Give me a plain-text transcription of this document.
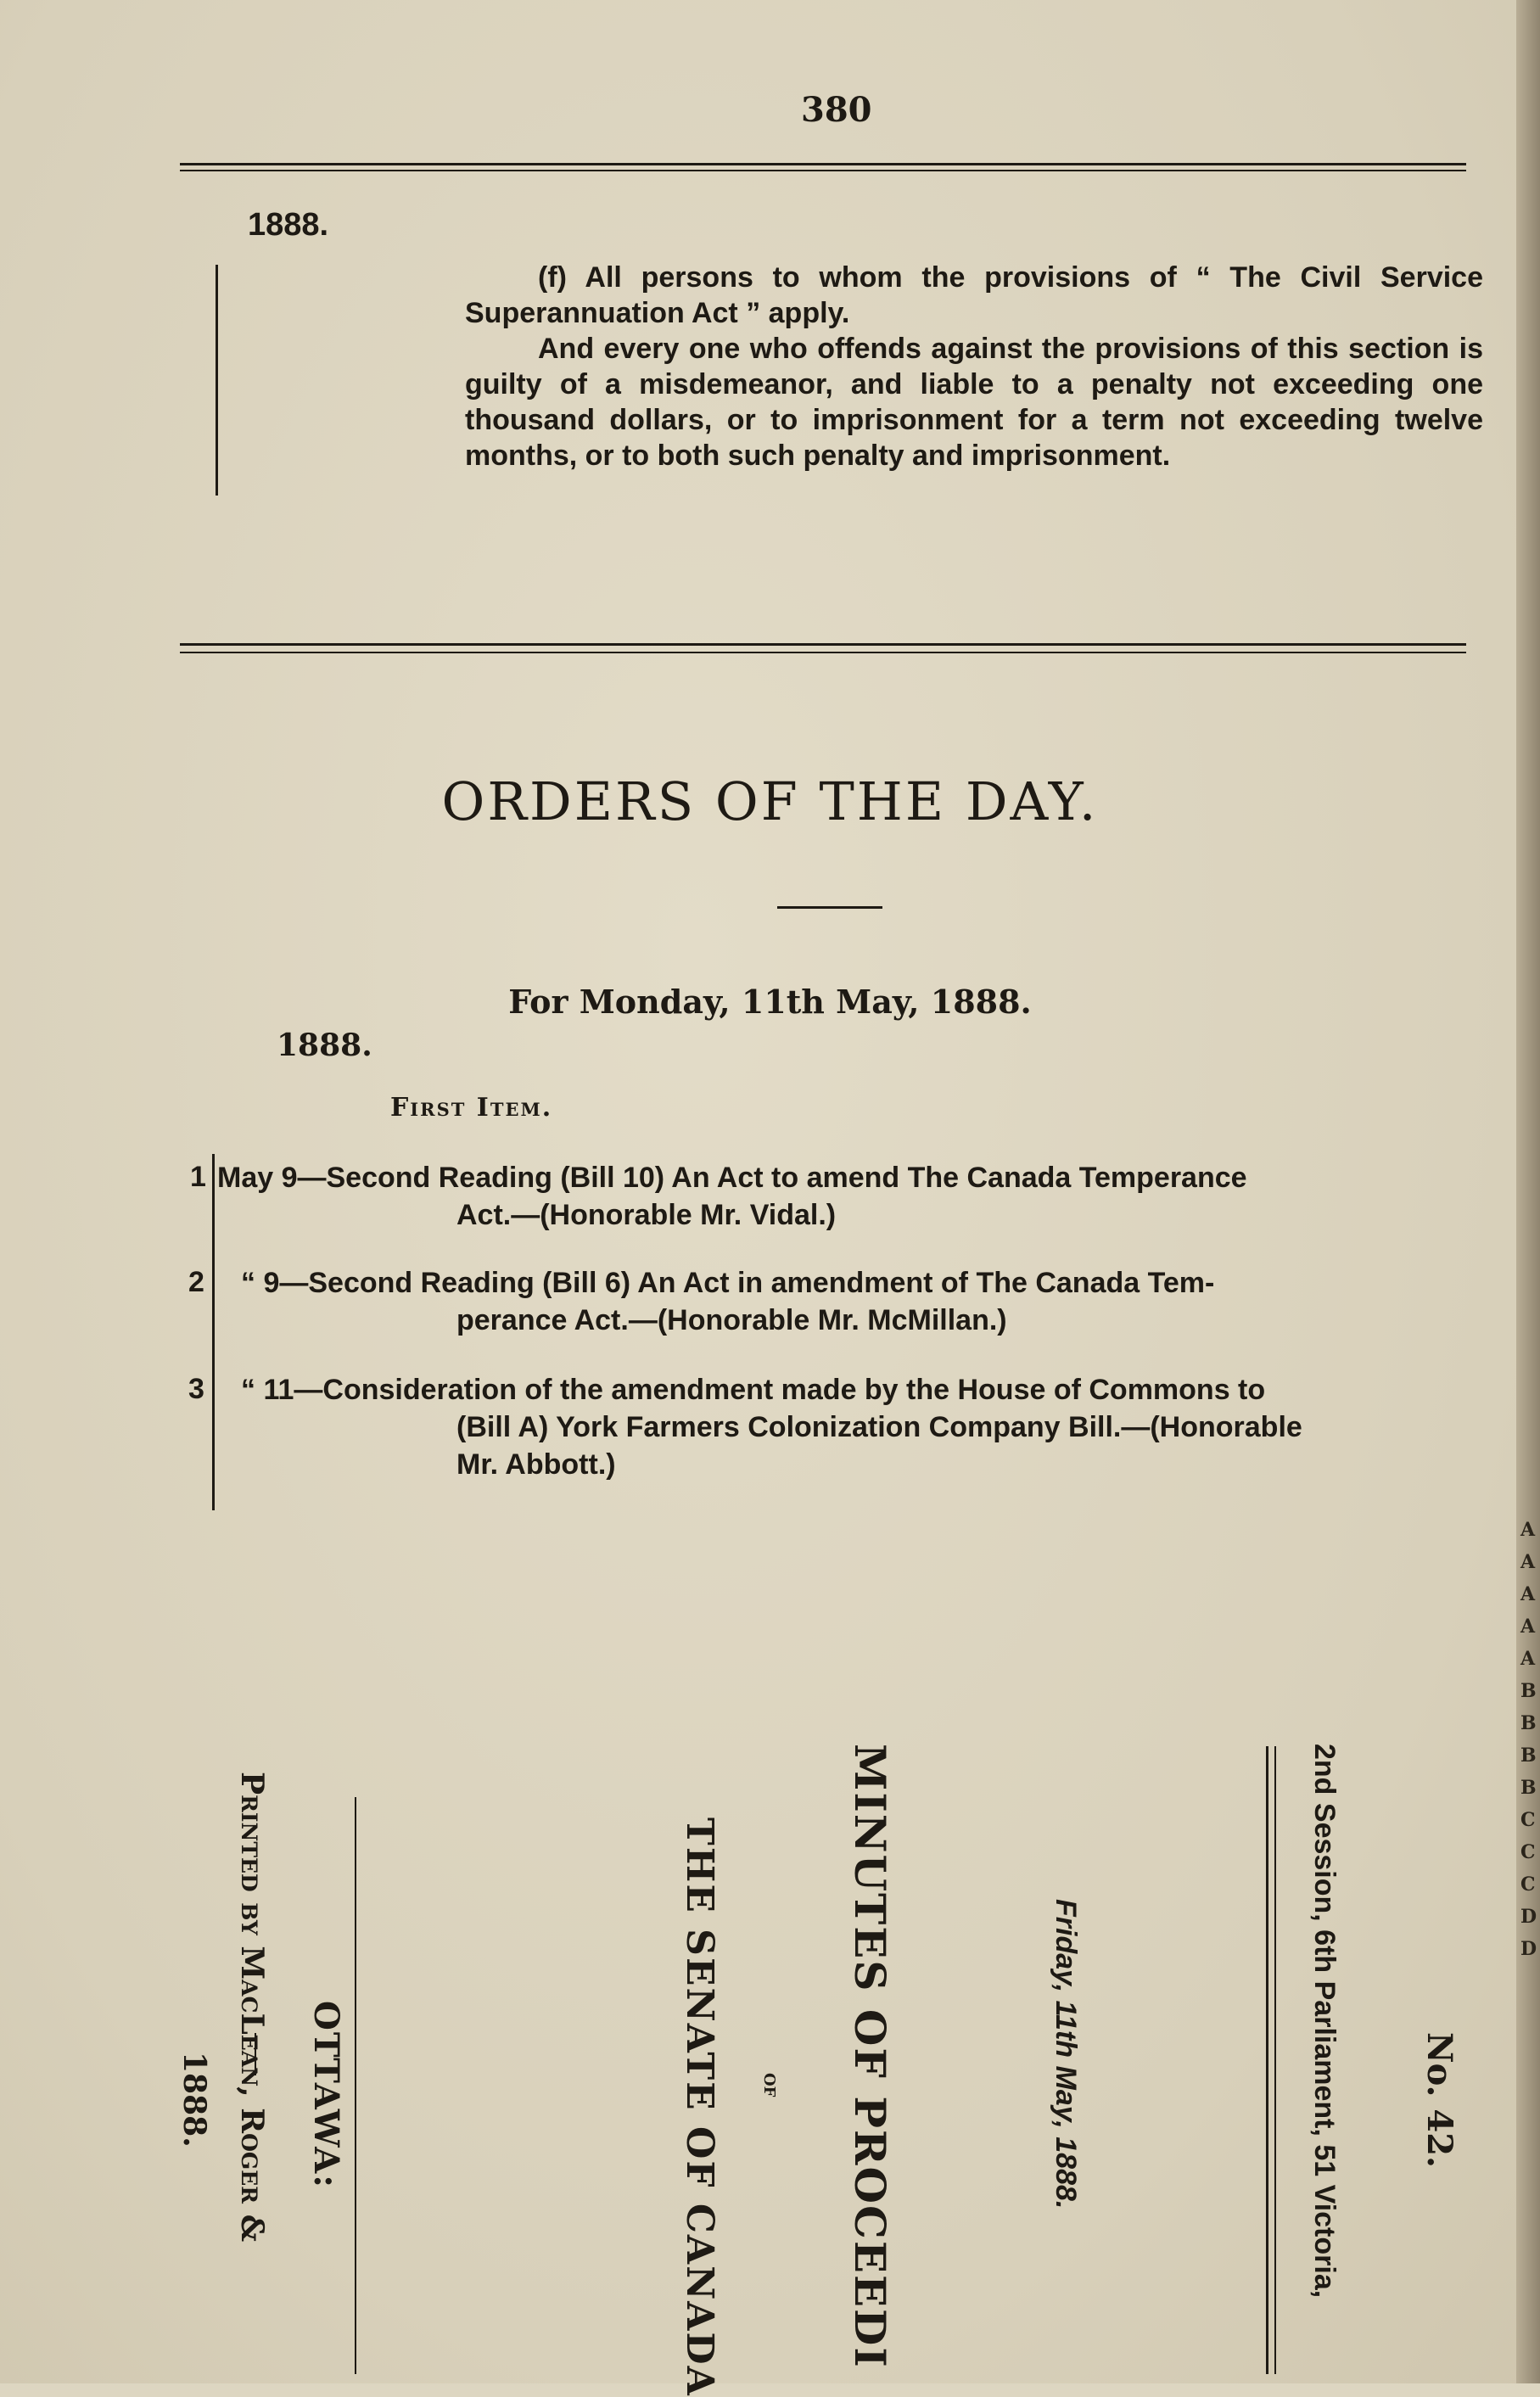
380
1888.
(f) All persons to whom the provisions of “ The Civil Service Superannuation Act ” apply.
And every one who offends against the provisions of this section is guilty of a misdemeanor, and liable to a penalty not exceeding one thousand dollars, or to imprisonment for a term not exceeding twelve months, or to both such penalty and imprisonment.
ORDERS OF THE DAY.
For Monday, 11th May, 1888.
1888.
First Item.
1 May 9—Second Reading (Bill 10) An Act to amend The Canada Temperance
Act.—(Honorable Mr. Vidal.)
2 “ 9—Second Reading (Bill 6) An Act in amendment of The Canada Tem-
perance Act.—(Honorable Mr. McMillan.)
3 “ 11—Consideration of the amendment made by the House of Commons to
(Bill A) York Farmers Colonization Company Bill.—(Honorable
Mr. Abbott.)
No. 42.
2nd Session, 6th Parliament, 51 Victoria,
Friday, 11th May, 1888.
MINUTES OF PROCEEDI
of
THE SENATE OF CANADA
OTTAWA:
Printed by MacLean, Roger &
1888.
A
A
A
A
A
B
B
B
B
C
C
C
D
D
